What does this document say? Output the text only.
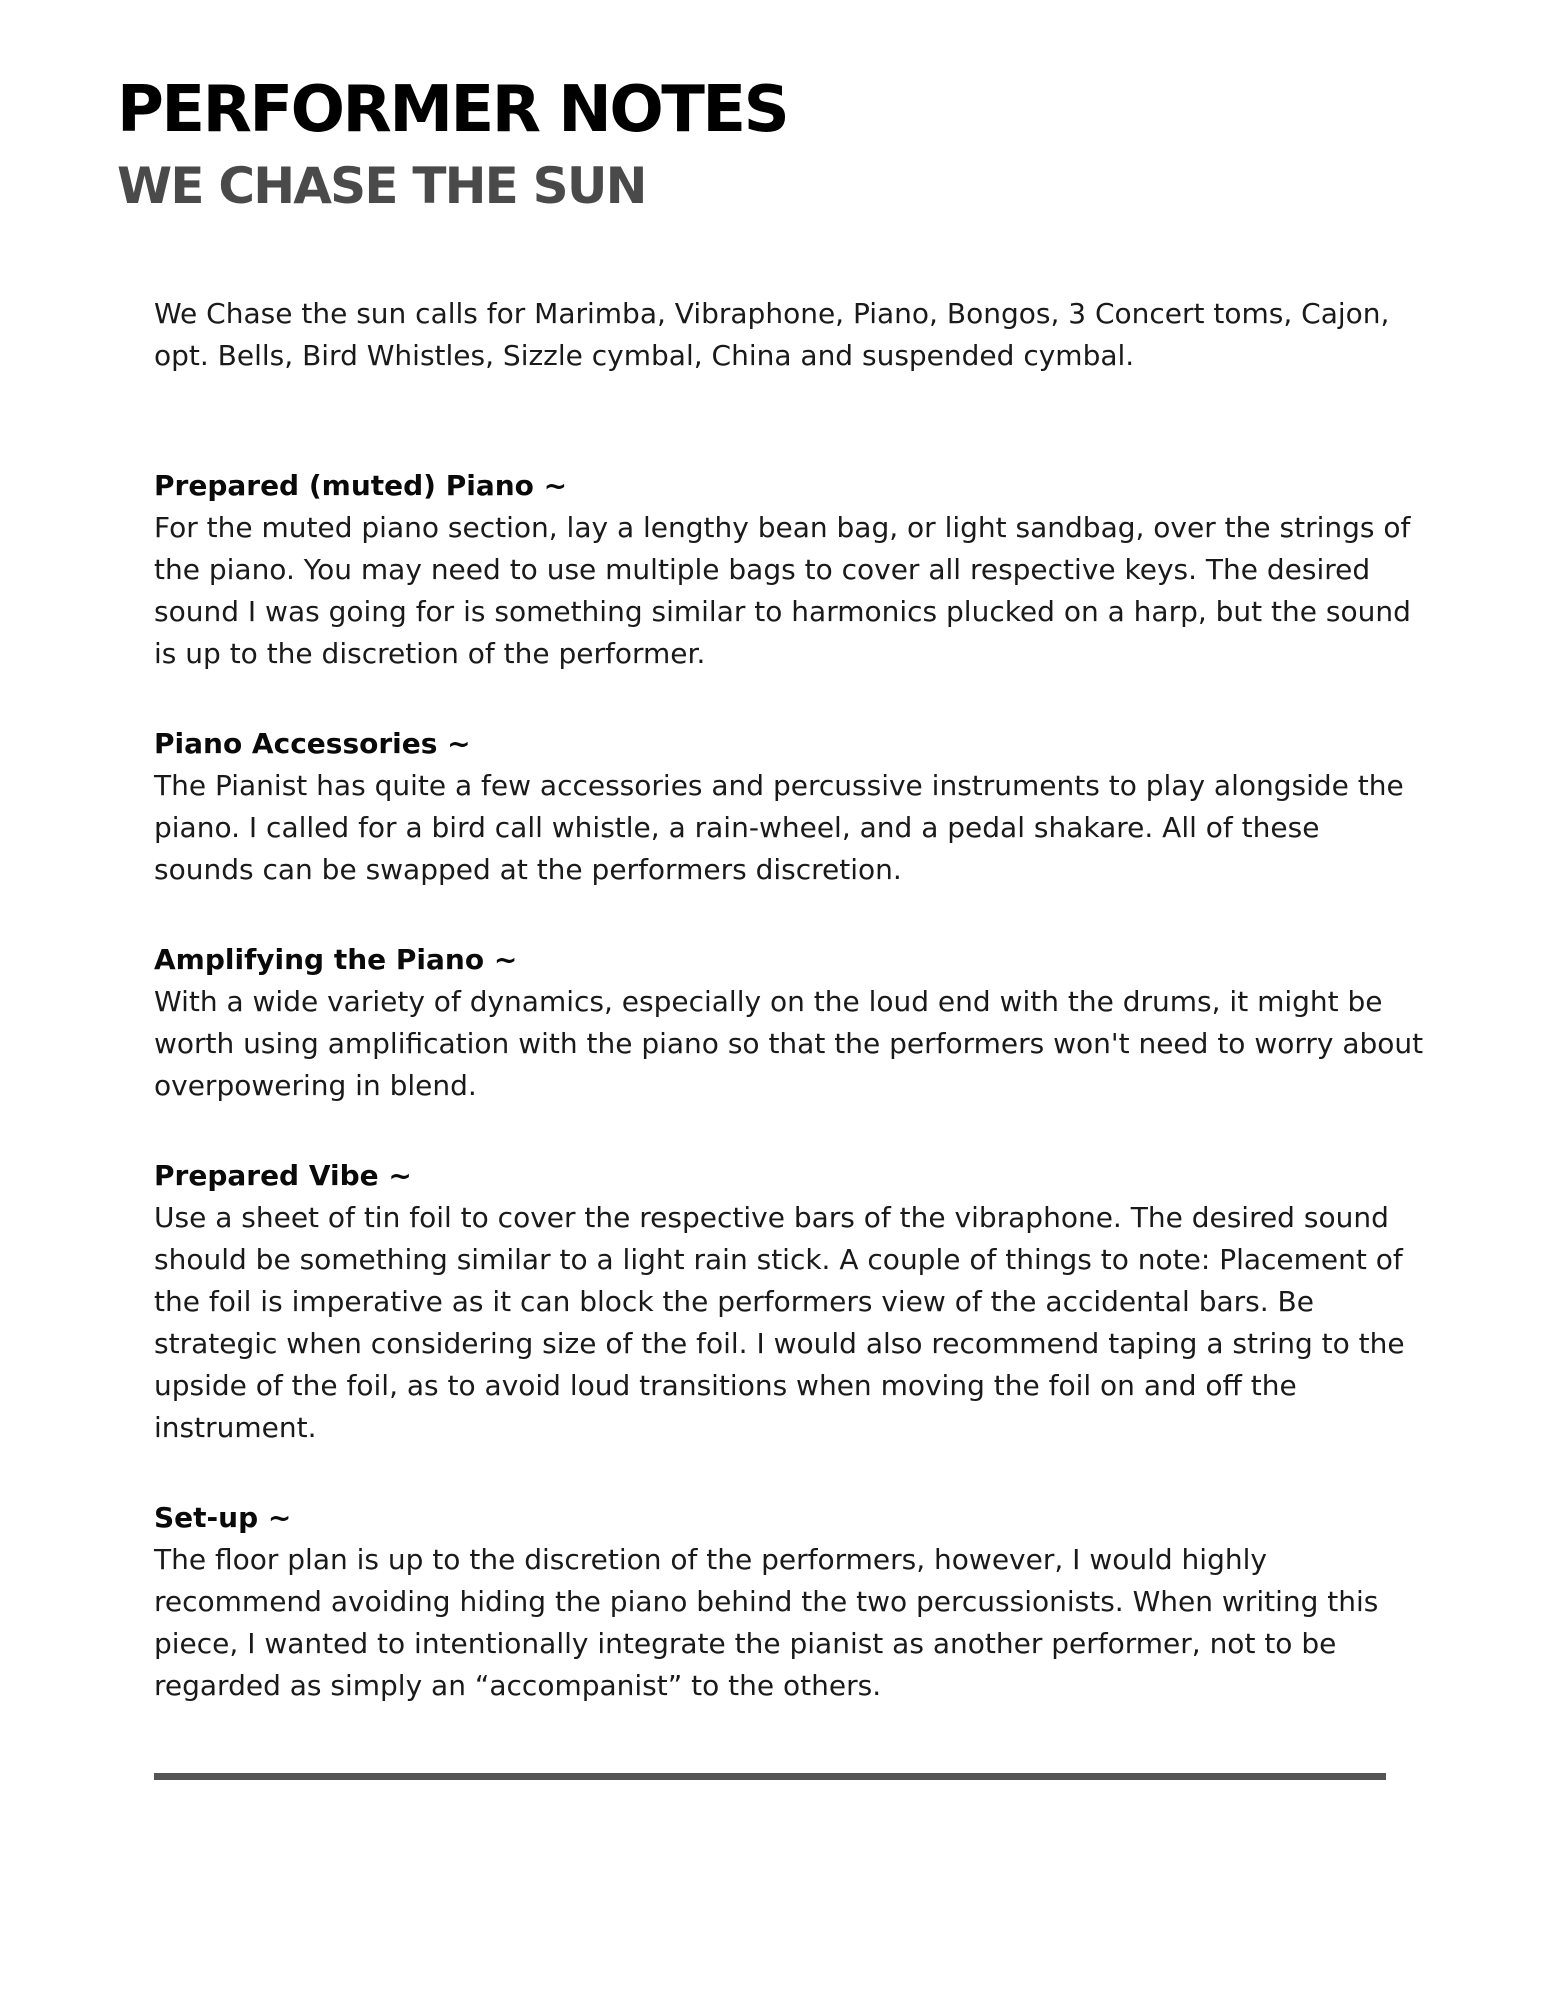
PERFORMER NOTES
WE CHASE THE SUN

We Chase the sun calls for Marimba, Vibraphone, Piano, Bongos, 3 Concert toms, Cajon, opt. Bells, Bird Whistles, Sizzle cymbal, China and suspended cymbal.

Prepared (muted) Piano ~

For the muted piano section, lay a lengthy bean bag, or light sandbag, over the strings of the piano. You may need to use multiple bags to cover all respective keys. The desired sound I was going for is something similar to harmonics plucked on a harp, but the sound is up to the discretion of the performer.

Piano Accessories ~

The Pianist has quite a few accessories and percussive instruments to play alongside the piano. I called for a bird call whistle, a rain-wheel, and a pedal shakare. All of these sounds can be swapped at the performers discretion.

Amplifying the Piano ~

With a wide variety of dynamics, especially on the loud end with the drums, it might be worth using amplification with the piano so that the performers won't need to worry about overpowering in blend.

Prepared Vibe ~

Use a sheet of tin foil to cover the respective bars of the vibraphone. The desired sound should be something similar to a light rain stick. A couple of things to note: Placement of the foil is imperative as it can block the performers view of the accidental bars. Be strategic when considering size of the foil. I would also recommend taping a string to the upside of the foil, as to avoid loud transitions when moving the foil on and off the instrument.

Set-up ~

The floor plan is up to the discretion of the performers, however, I would highly recommend avoiding hiding the piano behind the two percussionists. When writing this piece, I wanted to intentionally integrate the pianist as another performer, not to be regarded as simply an “accompanist” to the others.
